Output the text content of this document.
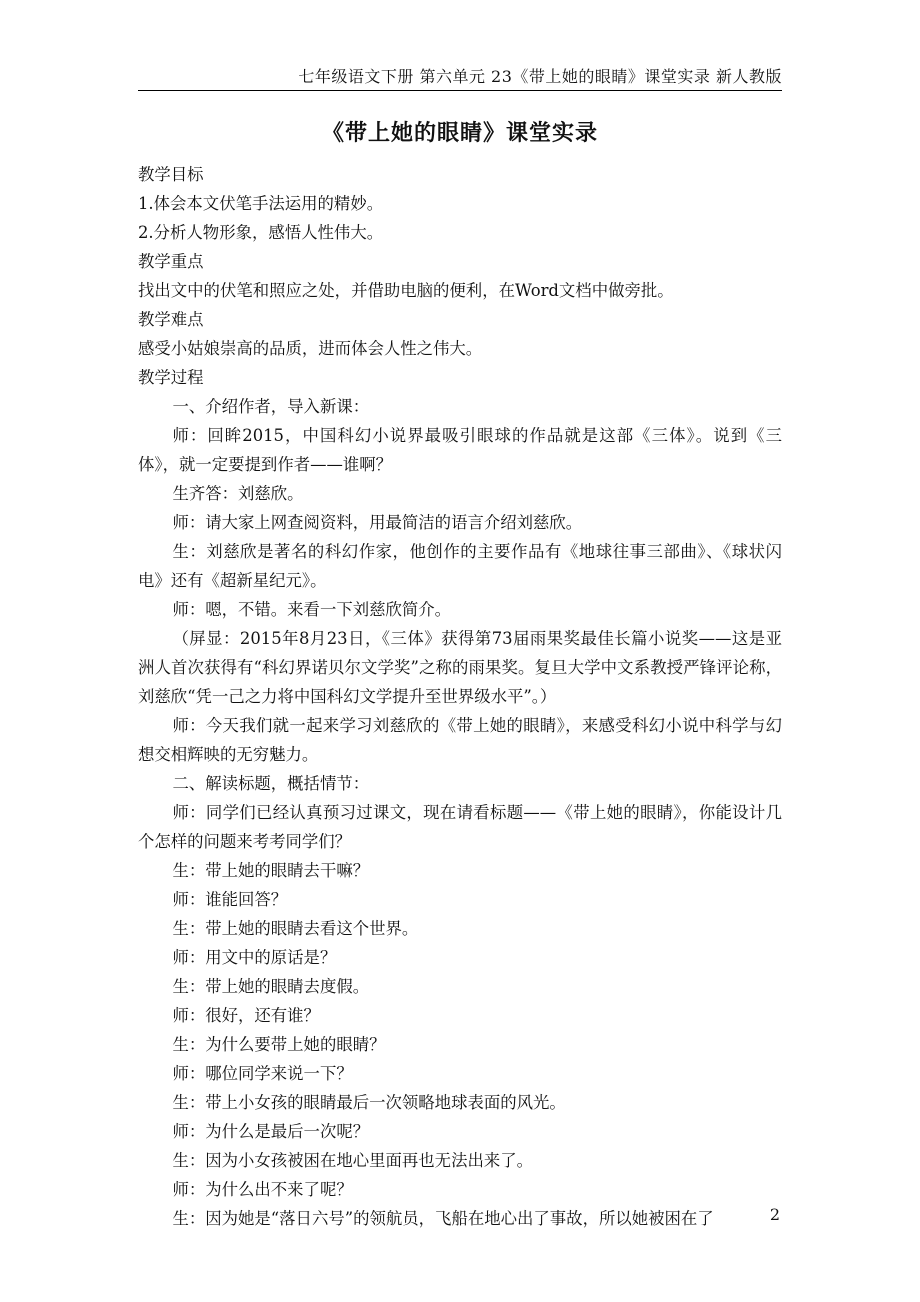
七年级语文下册 第六单元 23《带上她的眼睛》课堂实录 新人教版
《带上她的眼睛》课堂实录

教学目标

1.体会本文伏笔手法运用的精妙。

2.分析人物形象，感悟人性伟大。

教学重点

找出文中的伏笔和照应之处，并借助电脑的便利，在Word文档中做旁批。

教学难点

感受小姑娘崇高的品质，进而体会人性之伟大。

教学过程

一、介绍作者，导入新课：

师：回眸2015，中国科幻小说界最吸引眼球的作品就是这部《三体》。说到《三体》，就一定要提到作者——谁啊？

生齐答：刘慈欣。

师：请大家上网查阅资料，用最简洁的语言介绍刘慈欣。

生：刘慈欣是著名的科幻作家，他创作的主要作品有《地球往事三部曲》、《球状闪电》还有《超新星纪元》。

师：嗯，不错。来看一下刘慈欣简介。

（屏显：2015年8月23日，《三体》获得第73届雨果奖最佳长篇小说奖——这是亚洲人首次获得有“科幻界诺贝尔文学奖”之称的雨果奖。复旦大学中文系教授严锋评论称，刘慈欣“凭一己之力将中国科幻文学提升至世界级水平”。）

师：今天我们就一起来学习刘慈欣的《带上她的眼睛》，来感受科幻小说中科学与幻想交相辉映的无穷魅力。

二、解读标题，概括情节：

师：同学们已经认真预习过课文，现在请看标题——《带上她的眼睛》，你能设计几个怎样的问题来考考同学们？

生：带上她的眼睛去干嘛？

师：谁能回答？

生：带上她的眼睛去看这个世界。

师：用文中的原话是？

生：带上她的眼睛去度假。

师：很好，还有谁？

生：为什么要带上她的眼睛？

师：哪位同学来说一下？

生：带上小女孩的眼睛最后一次领略地球表面的风光。

师：为什么是最后一次呢？

生：因为小女孩被困在地心里面再也无法出来了。

师：为什么出不来了呢？

生：因为她是“落日六号”的领航员，飞船在地心出了事故，所以她被困在了	2
